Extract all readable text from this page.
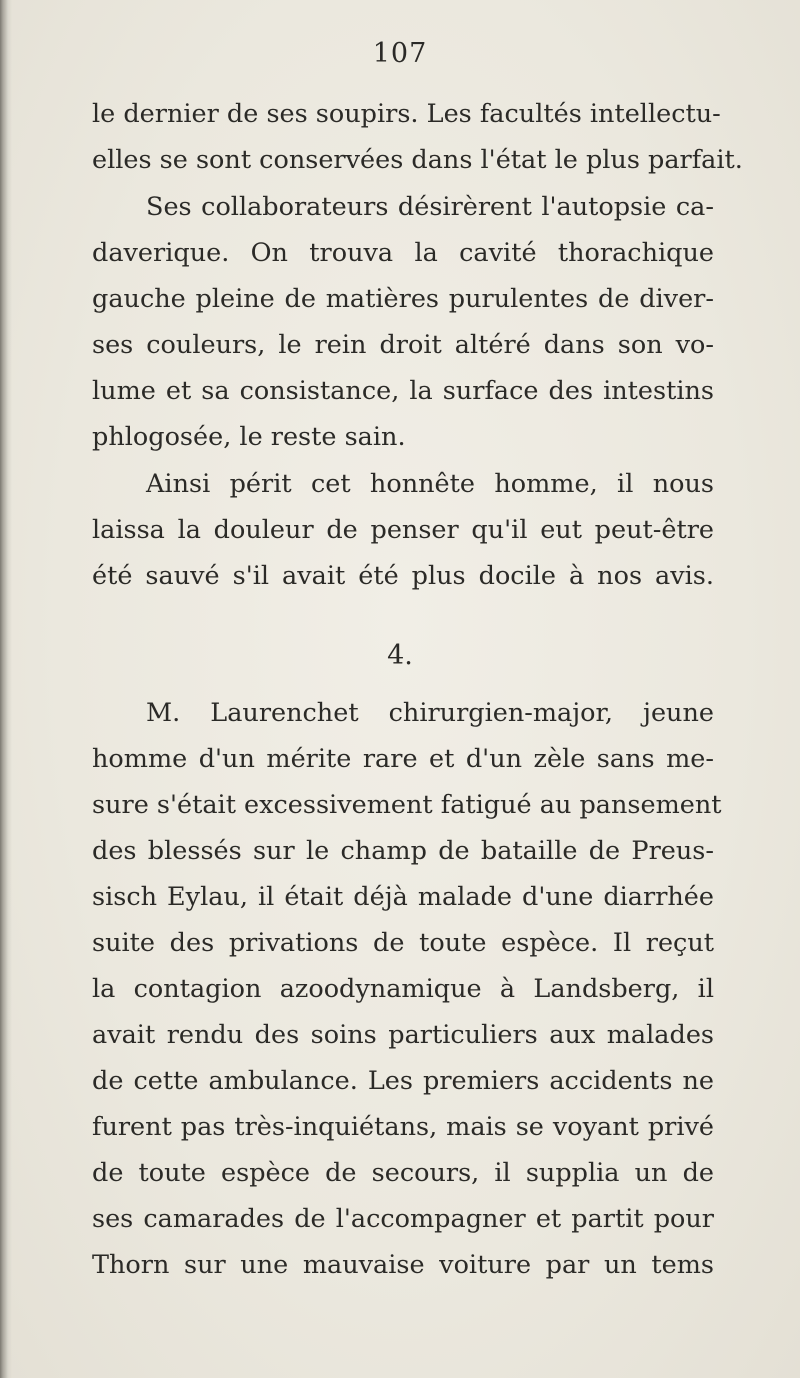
107
le dernier de ses soupirs. Les facultés intellectu-
elles se sont conservées dans l'état le plus parfait.
Ses collaborateurs désirèrent l'autopsie ca-
daverique. On trouva la cavité thorachique
gauche pleine de matières purulentes de diver-
ses couleurs, le rein droit altéré dans son vo-
lume et sa consistance, la surface des intestins
phlogosée, le reste sain.
Ainsi périt cet honnête homme, il nous
laissa la douleur de penser qu'il eut peut-être
été sauvé s'il avait été plus docile à nos avis.
4.
M. Laurenchet chirurgien-major, jeune
homme d'un mérite rare et d'un zèle sans me-
sure s'était excessivement fatigué au pansement
des blessés sur le champ de bataille de Preus-
sisch Eylau, il était déjà malade d'une diarrhée
suite des privations de toute espèce. Il reçut
la contagion azoodynamique à Landsberg, il
avait rendu des soins particuliers aux malades
de cette ambulance. Les premiers accidents ne
furent pas très-inquiétans, mais se voyant privé
de toute espèce de secours, il supplia un de
ses camarades de l'accompagner et partit pour
Thorn sur une mauvaise voiture par un tems
